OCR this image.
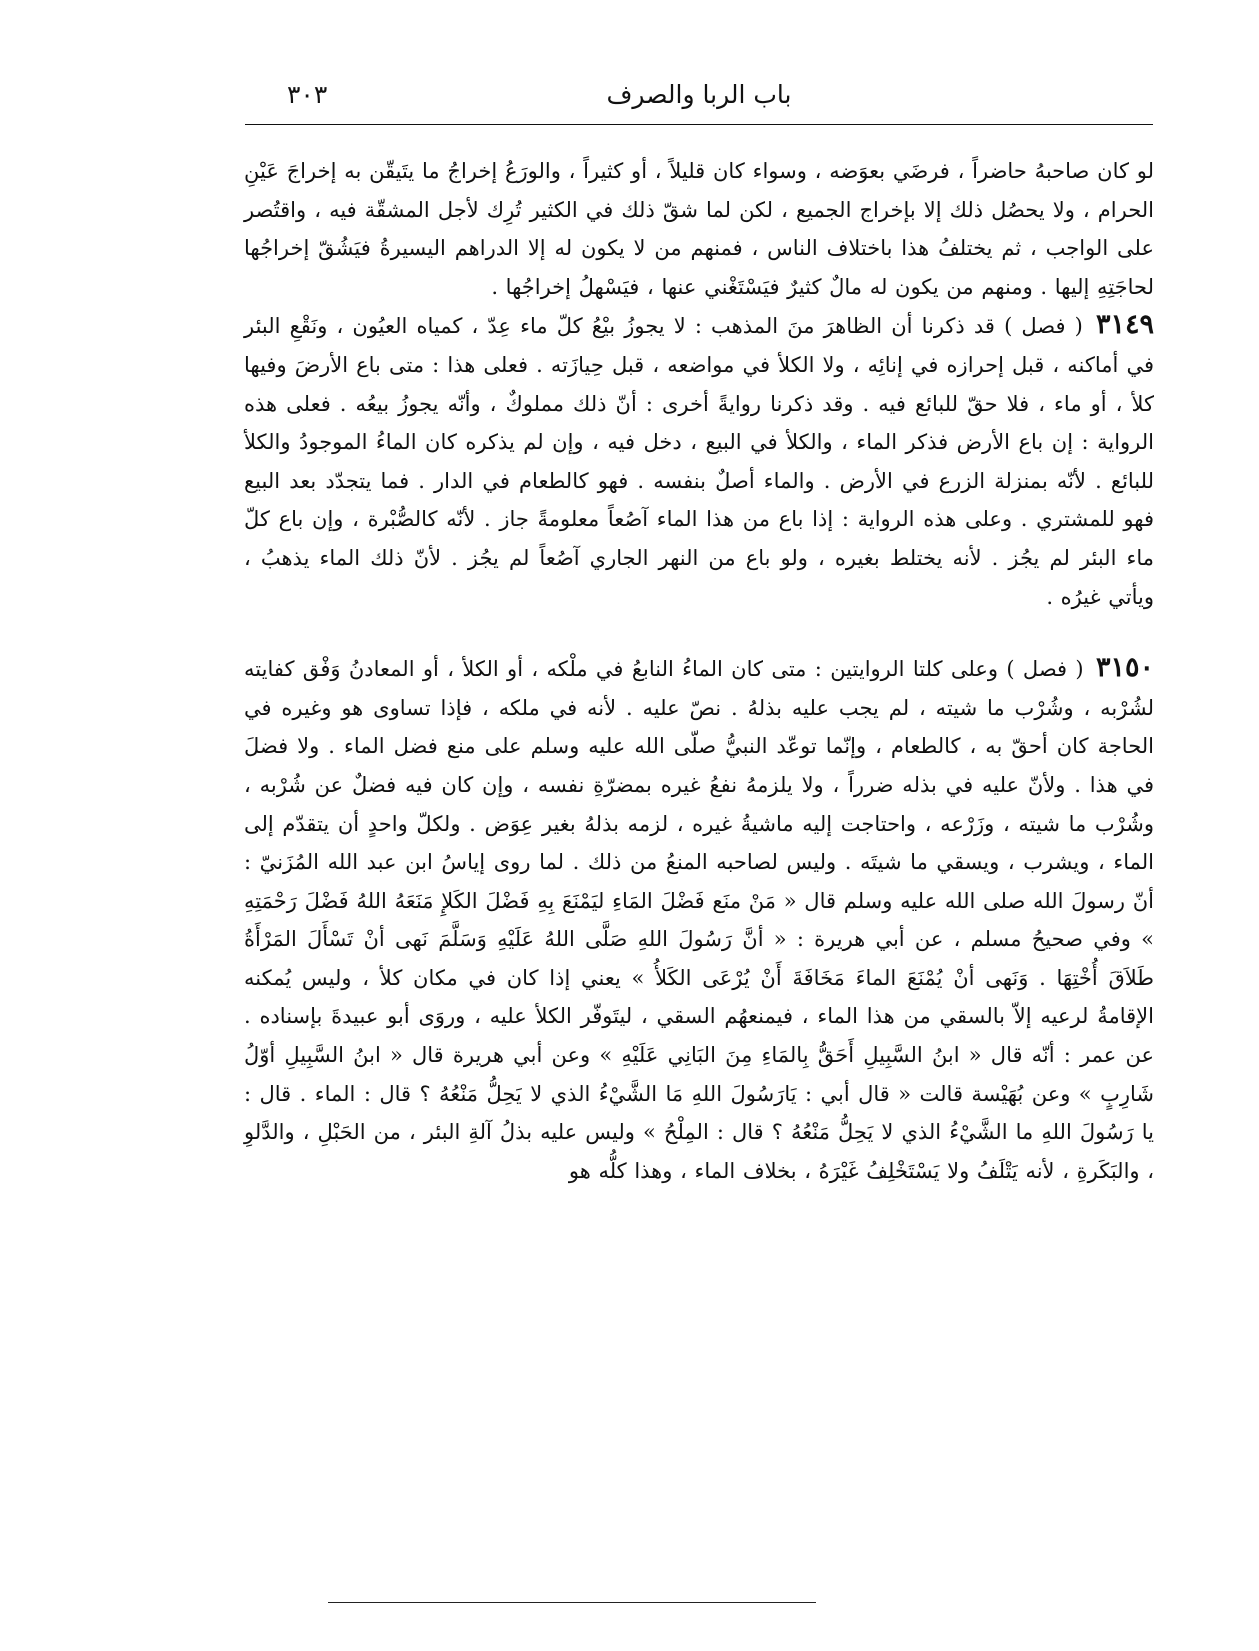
باب الربا والصرف
٣٠٣

لو كان صاحبهُ حاضراً ، فرضَي بعوَضه ، وسواء كان قليلاً ، أو كثيراً ، والورَعُ إخراجُ ما يتَيقّن به إخراجَ عَيْنِ الحرام ، ولا يحصُل ذلك إلا بإخراج الجميع ، لكن لما شقّ ذلك في الكثير تُرِك لأجل المشقّة فيه ، واقتُصر على الواجب ، ثم يختلفُ هذا باختلاف الناس ، فمنهم من لا يكون له إلا الدراهم اليسيرةُ فيَشُقّ إخراجُها لحاجَتِهِ إليها . ومنهم من يكون له مالٌ كثيرٌ فيَسْتَغْني عنها ، فيَسْهلُ إخراجُها .

٣١٤٩ ( فصل ) قد ذكرنا أن الظاهرَ منَ المذهب : لا يجوزُ بيْعُ كلّ ماء عِدّ ، كمياه العيُون ، ونَقْعِ البئر في أماكنه ، قبل إحرازه في إنائِه ، ولا الكلأ في مواضعه ، قبل حِيازَته . فعلى هذا : متى باع الأرضَ وفيها كلأ ، أو ماء ، فلا حقّ للبائع فيه . وقد ذكرنا روايةً أخرى : أنّ ذلك مملوكٌ ، وأنّه يجوزُ بيعُه . فعلى هذه الرواية : إن باع الأرض فذكر الماء ، والكلأ في البيع ، دخل فيه ، وإن لم يذكره كان الماءُ الموجودُ والكلأ للبائع . لأنّه بمنزلة الزرع في الأرض . والماء أصلٌ بنفسه . فهو كالطعام في الدار . فما يتجدّد بعد البيع فهو للمشتري . وعلى هذه الرواية : إذا باع من هذا الماء آصُعاً معلومةً جاز . لأنّه كالصُّبْرة ، وإن باع كلّ ماء البئر لم يجُز . لأنه يختلط بغيره ، ولو باع من النهر الجاري آصُعاً لم يجُز . لأنّ ذلك الماء يذهبُ ، ويأتي غيرُه .

٣١٥٠ ( فصل ) وعلى كلتا الروايتين : متى كان الماءُ النابعُ في ملْكه ، أو الكلأ ، أو المعادنُ وَفْق كفايته لشُرْبه ، وشُرْب ما شيته ، لم يجب عليه بذلهُ . نصّ عليه . لأنه في ملكه ، فإذا تساوى هو وغيره في الحاجة كان أحقّ به ، كالطعام ، وإنّما توعّد النبيُّ صلّى الله عليه وسلم على منع فضل الماء . ولا فضلَ في هذا . ولأنّ عليه في بذله ضرراً ، ولا يلزمهُ نفعُ غيره بمضرّةِ نفسه ، وإن كان فيه فضلٌ عن شُرْبه ، وشُرْب ما شيته ، وزَرْعه ، واحتاجت إليه ماشيةُ غيره ، لزمه بذلهُ بغير عِوَض . ولكلّ واحدٍ أن يتقدّم إلى الماء ، ويشرب ، ويسقي ما شيتَه . وليس لصاحبه المنعُ من ذلك . لما روى إياسُ ابن عبد الله المُزَنيّ : أنّ رسولَ الله صلى الله عليه وسلم قال « مَنْ منَع فَضْلَ المَاءِ ليَمْنَعَ بِهِ فَضْلَ الكَلإِ مَنَعَهُ اللهُ فَضْلَ رَحْمَتِهِ » وفي صحيحُ مسلم ، عن أبي هريرة : « أنَّ رَسُولَ اللهِ صَلَّى اللهُ عَلَيْهِ وَسَلَّمَ نَهى أنْ تَسْأَلَ المَرْأَةُ طَلاَقَ أُخْتِهَا . وَنَهى أنْ يُمْنَعَ الماءَ مَخَافَةَ أَنْ يُرْعَى الكَلأُ » يعني إذا كان في مكان كلأ ، وليس يُمكنه الإقامةُ لرعيه إلاّ بالسقي من هذا الماء ، فيمنعهُم السقي ، ليتَوفّر الكلأ عليه ، وروَى أبو عبيدةَ بإسناده . عن عمر : أنّه قال « ابنُ السَّبِيلِ أَحَقُّ بِالمَاءِ مِنَ البَانِي عَلَيْهِ » وعن أبي هريرة قال « ابنُ السَّبِيلِ أوّلُ شَارِبٍ » وعن بُهَيْسة قالت « قال أبي : يَارَسُولَ اللهِ مَا الشَّيْءُ الذي لا يَحِلُّ مَنْعُهُ ؟ قال : الماء . قال : يا رَسُولَ اللهِ ما الشَّيْءُ الذي لا يَحِلُّ مَنْعُهُ ؟ قال : المِلْحُ » وليس عليه بذلُ آلةِ البئر ، من الحَبْلِ ، والدَّلوِ ، والبَكَرةِ ، لأنه يَتْلَفُ ولا يَسْتَخْلِفُ غَيْرَهُ ، بخلاف الماء ، وهذا كلُّه هو
